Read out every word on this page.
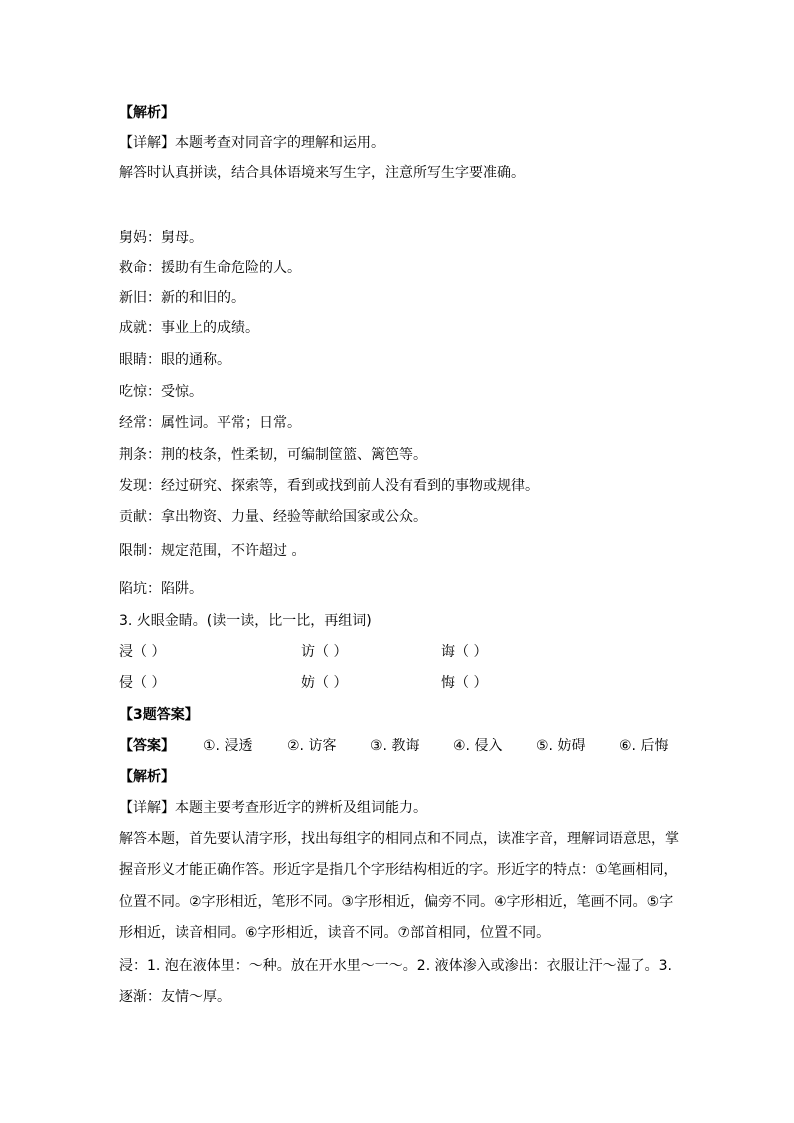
【解析】
【详解】本题考查对同音字的理解和运用。
解答时认真拼读，结合具体语境来写生字，注意所写生字要准确。
舅妈：舅母。
救命：援助有生命危险的人。
新旧：新的和旧的。
成就：事业上的成绩。
眼睛：眼的通称。
吃惊：受惊。
经常：属性词。平常；日常。
荆条：荆的枝条，性柔韧，可编制筐篮、篱笆等。
发现：经过研究、探索等，看到或找到前人没有看到的事物或规律。
贡献：拿出物资、力量、经验等献给国家或公众。
限制：规定范围，不许超过 。
陷坑：陷阱。
3. 火眼金睛。(读一读，比一比，再组词)
浸（ ）	访（ ）	诲（ ）
侵（ ）	妨（ ）	悔（ ）
【3题答案】
【答案】 ①. 浸透 ②. 访客 ③. 教诲 ④. 侵入 ⑤. 妨碍 ⑥. 后悔
【解析】
【详解】本题主要考查形近字的辨析及组词能力。
解答本题，首先要认清字形，找出每组字的相同点和不同点，读准字音，理解词语意思，掌
握音形义才能正确作答。形近字是指几个字形结构相近的字。形近字的特点：①笔画相同，
位置不同。②字形相近，笔形不同。③字形相近，偏旁不同。④字形相近，笔画不同。⑤字
形相近，读音相同。⑥字形相近，读音不同。⑦部首相同，位置不同。
浸：1. 泡在液体里：～种。放在开水里～一～。2. 液体渗入或渗出：衣服让汗～湿了。3.
逐渐：友情～厚。
